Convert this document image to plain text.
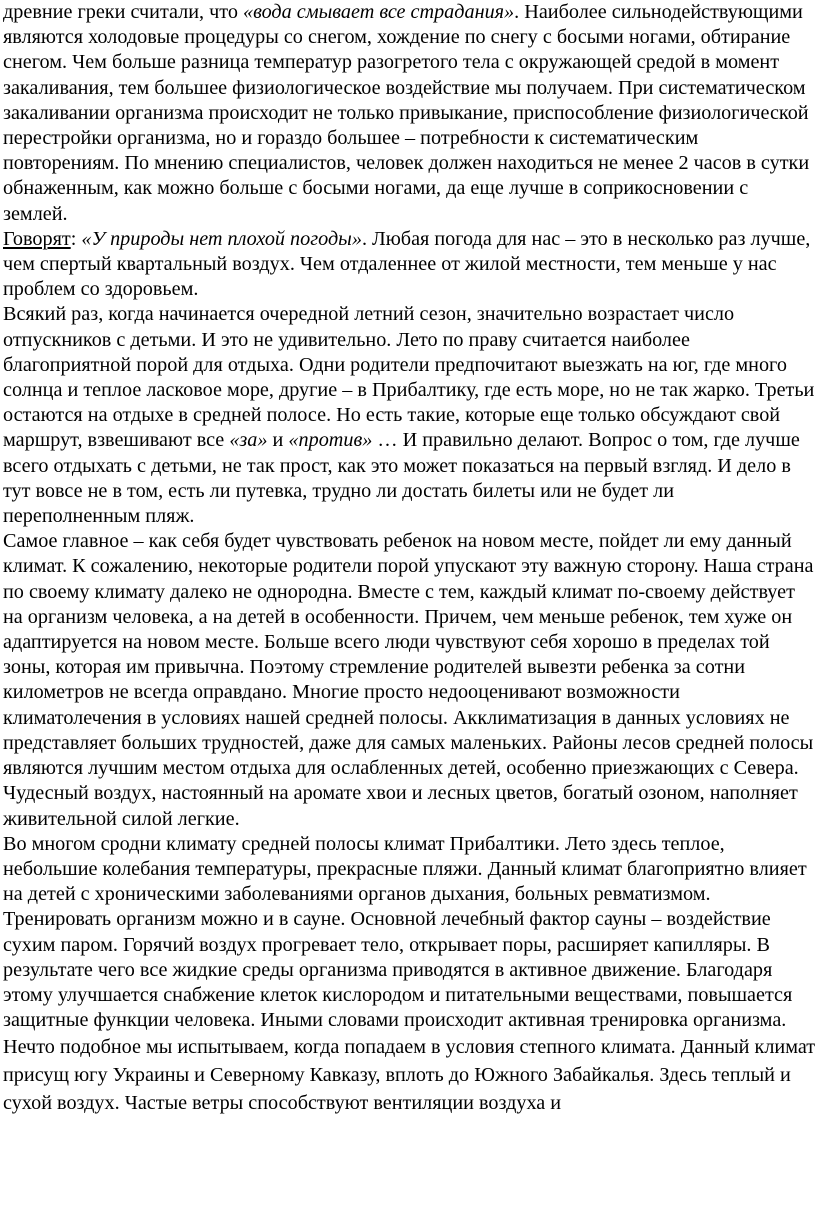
древние греки считали, что «вода смывает все страдания». Наиболее сильнодействующими являются холодовые процедуры со снегом, хождение по снегу с босыми ногами, обтирание снегом. Чем больше разница температур разогретого тела с окружающей средой в момент закаливания, тем большее физиологическое воздействие мы получаем. При систематическом закаливании организма происходит не только привыкание, приспособление физиологической перестройки организма, но и гораздо большее – потребности к систематическим повторениям. По мнению специалистов, человек должен находиться не менее 2 часов в сутки обнаженным, как можно больше с босыми ногами, да еще лучше в соприкосновении с землей.

Говорят: «У природы нет плохой погоды». Любая погода для нас – это в несколько раз лучше, чем спертый квартальный воздух. Чем отдаленнее от жилой местности, тем меньше у нас проблем со здоровьем.

Всякий раз, когда начинается очередной летний сезон, значительно возрастает число отпускников с детьми. И это не удивительно. Лето по праву считается наиболее благоприятной порой для отдыха. Одни родители предпочитают выезжать на юг, где много солнца и теплое ласковое море, другие – в Прибалтику, где есть море, но не так жарко. Третьи остаются на отдыхе в средней полосе. Но есть такие, которые еще только обсуждают свой маршрут, взвешивают все «за» и «против» … И правильно делают. Вопрос о том, где лучше всего отдыхать с детьми, не так прост, как это может показаться на первый взгляд. И дело в тут вовсе не в том, есть ли путевка, трудно ли достать билеты или не будет ли переполненным пляж.

Самое главное – как себя будет чувствовать ребенок на новом месте, пойдет ли ему данный климат. К сожалению, некоторые родители порой упускают эту важную сторону. Наша страна по своему климату далеко не однородна. Вместе с тем, каждый климат по-своему действует на организм человека, а на детей в особенности. Причем, чем меньше ребенок, тем хуже он адаптируется на новом месте. Больше всего люди чувствуют себя хорошо в пределах той зоны, которая им привычна. Поэтому стремление родителей вывезти ребенка за сотни километров не всегда оправдано. Многие просто недооценивают возможности климатолечения в условиях нашей средней полосы. Акклиматизация в данных условиях не представляет больших трудностей, даже для самых маленьких. Районы лесов средней полосы являются лучшим местом отдыха для ослабленных детей, особенно приезжающих с Севера. Чудесный воздух, настоянный на аромате хвои и лесных цветов, богатый озоном, наполняет живительной силой легкие.

Во многом сродни климату средней полосы климат Прибалтики. Лето здесь теплое, небольшие колебания температуры, прекрасные пляжи. Данный климат благоприятно влияет на детей с хроническими заболеваниями органов дыхания, больных ревматизмом.

Тренировать организм можно и в сауне. Основной лечебный фактор сауны – воздействие сухим паром. Горячий воздух прогревает тело, открывает поры, расширяет капилляры. В результате чего все жидкие среды организма приводятся в активное движение. Благодаря этому улучшается снабжение клеток кислородом и питательными веществами, повышается защитные функции человека. Иными словами происходит активная тренировка организма.

Нечто подобное мы испытываем, когда попадаем в условия степного климата. Данный климат присущ югу Украины и Северному Кавказу, вплоть до Южного Забайкалья. Здесь теплый и сухой воздух. Частые ветры способствуют вентиляции воздуха и
